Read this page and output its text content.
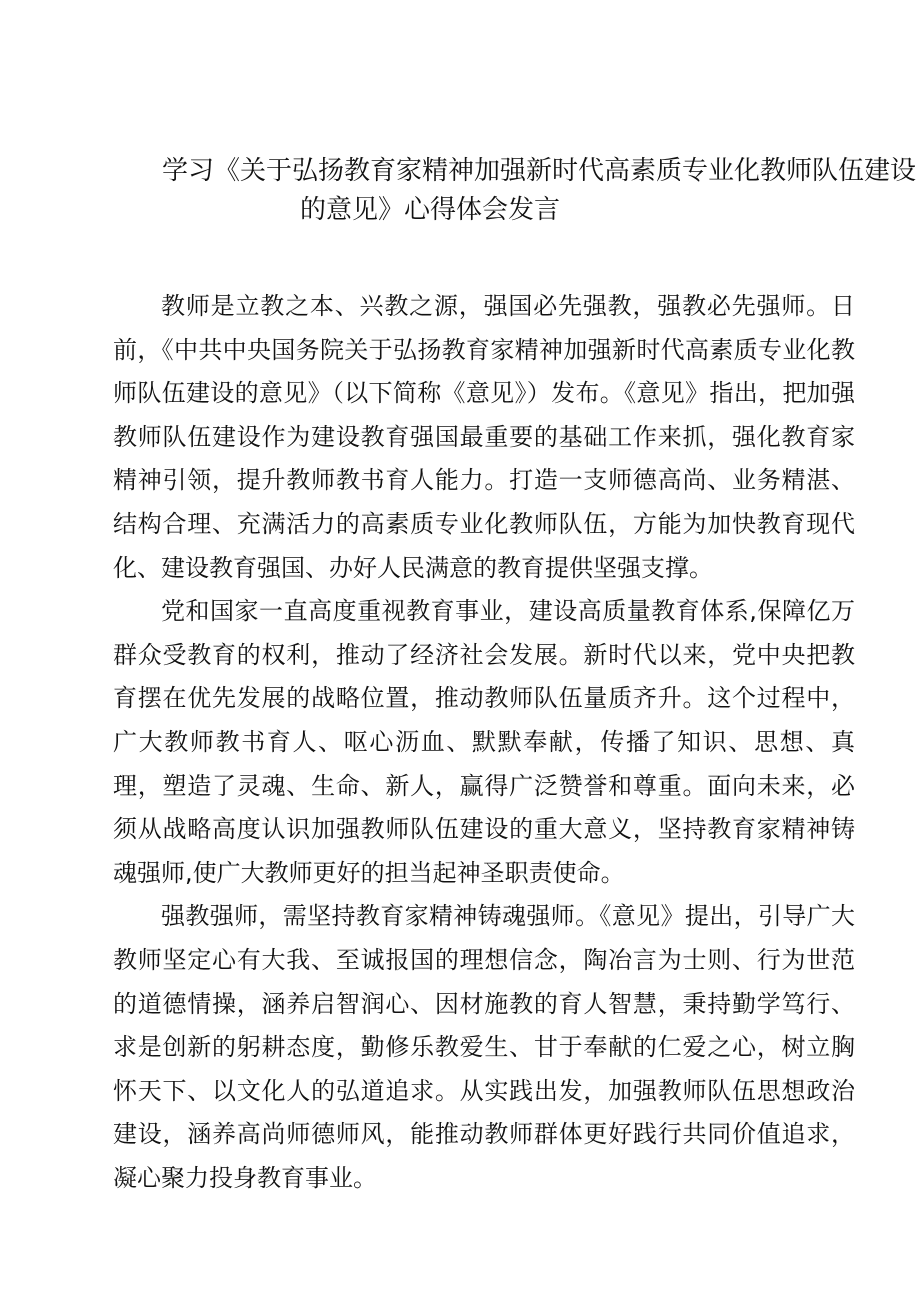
学习《关于弘扬教育家精神加强新时代高素质专业化教师队伍建设
的意见》心得体会发言

教师是立教之本、兴教之源，强国必先强教，强教必先强师。日前，《中共中央国务院关于弘扬教育家精神加强新时代高素质专业化教师队伍建设的意见》（以下简称《意见》）发布。《意见》指出，把加强教师队伍建设作为建设教育强国最重要的基础工作来抓，强化教育家精神引领，提升教师教书育人能力。打造一支师德高尚、业务精湛、结构合理、充满活力的高素质专业化教师队伍，方能为加快教育现代化、建设教育强国、办好人民满意的教育提供坚强支撑。

党和国家一直高度重视教育事业，建设高质量教育体系,保障亿万群众受教育的权利，推动了经济社会发展。新时代以来，党中央把教育摆在优先发展的战略位置，推动教师队伍量质齐升。这个过程中，广大教师教书育人、呕心沥血、默默奉献，传播了知识、思想、真理，塑造了灵魂、生命、新人，赢得广泛赞誉和尊重。面向未来，必须从战略高度认识加强教师队伍建设的重大意义，坚持教育家精神铸魂强师,使广大教师更好的担当起神圣职责使命。

强教强师，需坚持教育家精神铸魂强师。《意见》提出，引导广大教师坚定心有大我、至诚报国的理想信念，陶冶言为士则、行为世范的道德情操，涵养启智润心、因材施教的育人智慧，秉持勤学笃行、求是创新的躬耕态度，勤修乐教爱生、甘于奉献的仁爱之心，树立胸怀天下、以文化人的弘道追求。从实践出发，加强教师队伍思想政治建设，涵养高尚师德师风，能推动教师群体更好践行共同价值追求，凝心聚力投身教育事业。
